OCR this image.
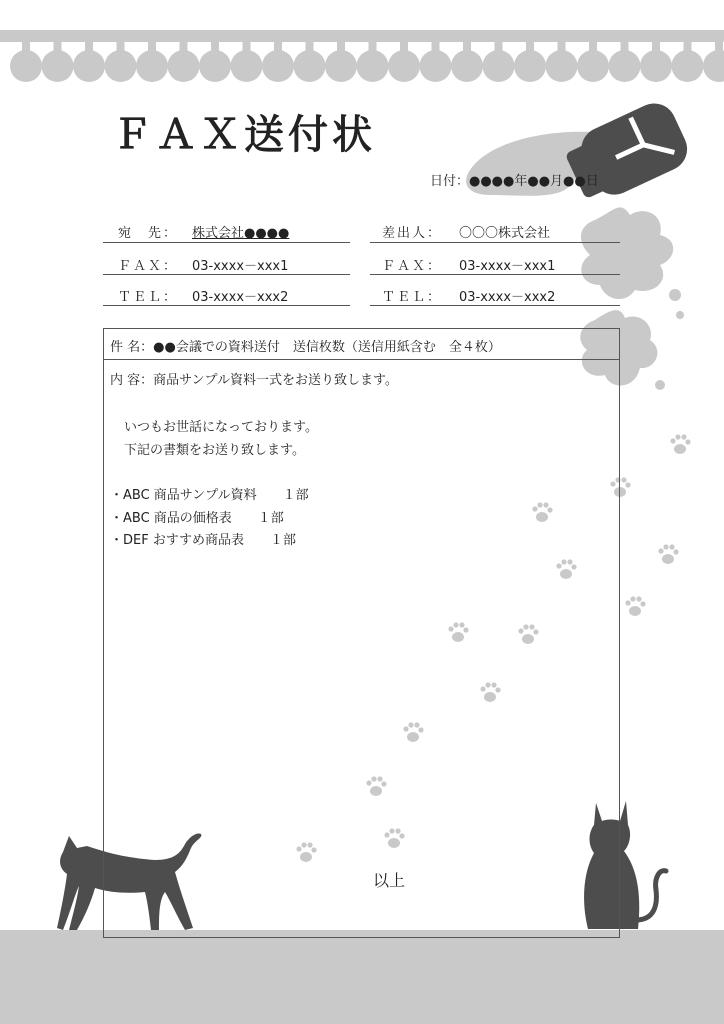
ＦＡＸ送付状
日付：●●●●年●●月●●日
宛　先： 株式会社●●●●
ＦＡＸ： 03-xxxx－xxx1
ＴＥＬ： 03-xxxx－xxx2
差出人： 〇〇〇株式会社
ＦＡＸ： 03-xxxx－xxx1
ＴＥＬ： 03-xxxx－xxx2
件 名：●●会議での資料送付　送信枚数（送信用紙含む　全４枚）
内 容：商品サンプル資料一式をお送り致します。
いつもお世話になっております。
下記の書類をお送り致します。
・ABC 商品サンプル資料　　１部
・ABC 商品の価格表　　１部
・DEF おすすめ商品表　　１部
以上
